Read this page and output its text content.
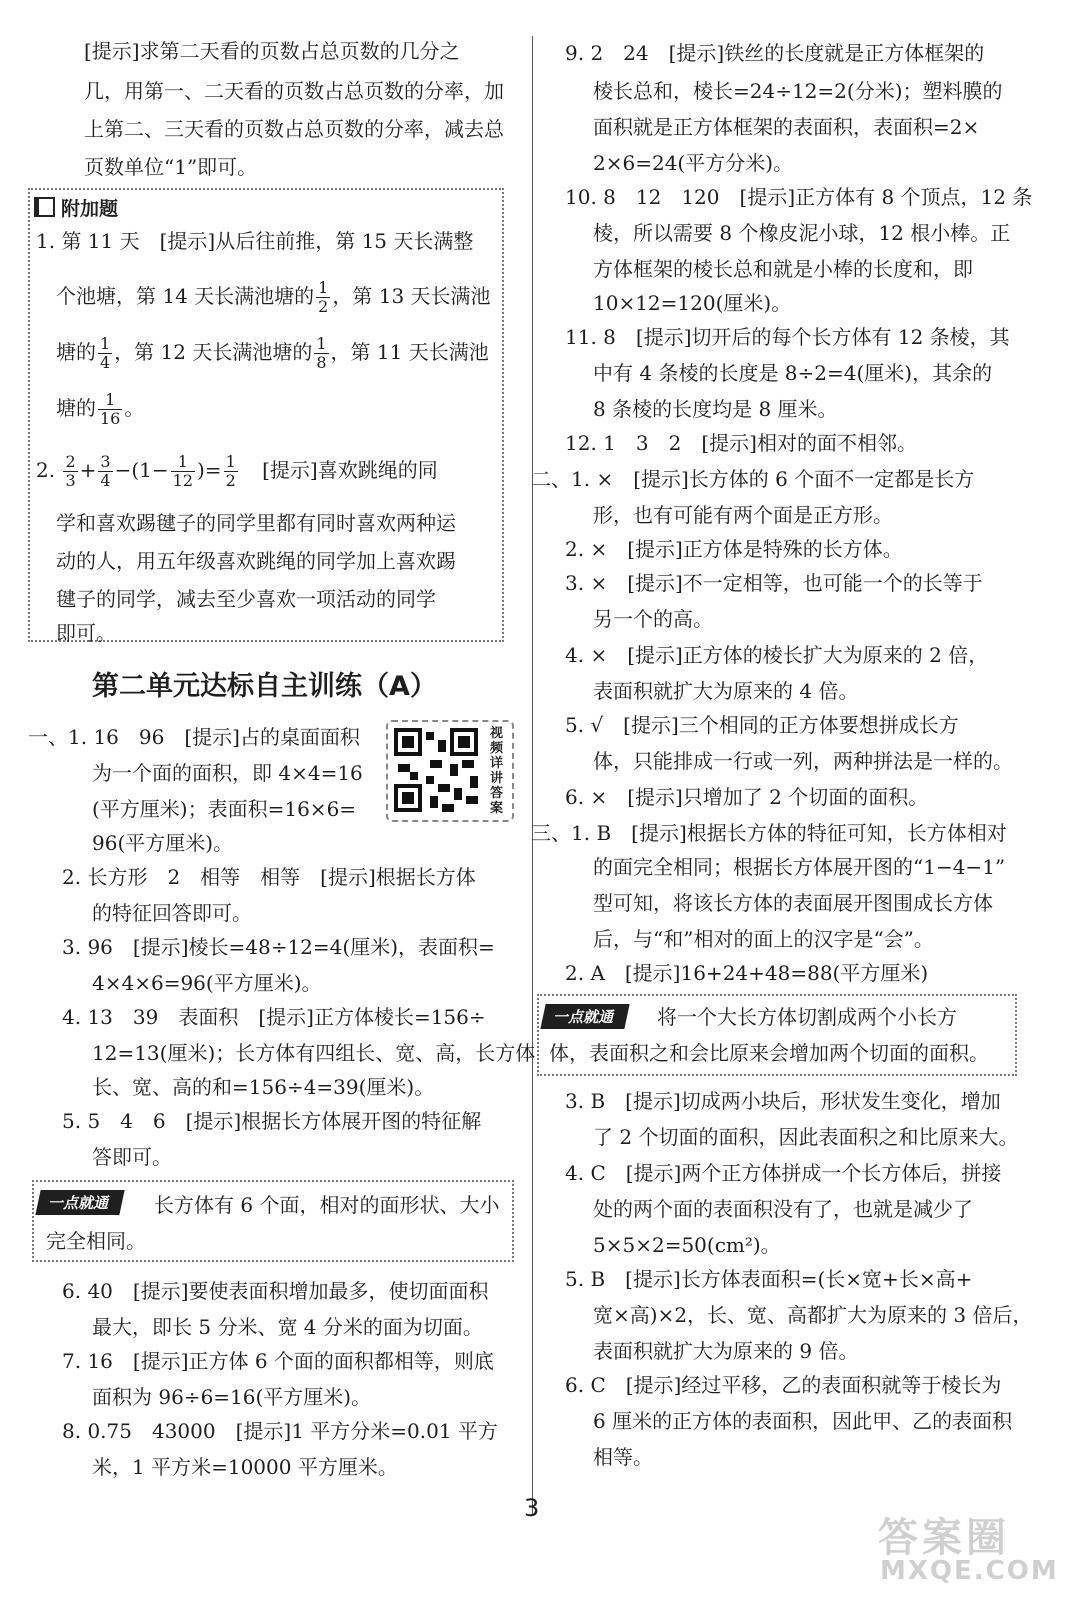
[提示]求第二天看的页数占总页数的几分之
几，用第一、二天看的页数占总页数的分率，加
上第二、三天看的页数占总页数的分率，减去总
页数单位“1”即可。
附加题
1. 第 11 天　[提示]从后往前推，第 15 天长满整
个池塘，第 14 天长满池塘的 $\frac{1}{2}$ ，第 13 天长满池
塘的 $\frac{1}{4}$ ，第 12 天长满池塘的 $\frac{1}{8}$ ，第 11 天长满池
塘的 $\frac{1}{16}$ 。
2. $\frac{2}{3} + \frac{3}{4} -(1- \frac{1}{12}$ )= $\frac{1}{2}$ [提示]喜欢跳绳的同
学和喜欢踢毽子的同学里都有同时喜欢两种运
动的人，用五年级喜欢跳绳的同学加上喜欢踢
毽子的同学，减去至少喜欢一项活动的同学
即可。
第二单元达标自主训练（A）
视频详讲答案
一、1. 16　96　[提示]占的桌面面积
为一个面的面积，即 4×4=16
(平方厘米)；表面积=16×6=
96(平方厘米)。
2. 长方形　2　相等　相等　[提示]根据长方体
的特征回答即可。
3. 96　[提示]棱长=48÷12=4(厘米)，表面积=
4×4×6=96(平方厘米)。
4. 13　39　表面积　[提示]正方体棱长=156÷
12=13(厘米)；长方体有四组长、宽、高，长方体
长、宽、高的和=156÷4=39(厘米)。
5. 5　4　6　[提示]根据长方体展开图的特征解
答即可。
一点就通	长方体有 6 个面，相对的面形状、大小
完全相同。
6. 40　[提示]要使表面积增加最多，使切面面积
最大，即长 5 分米、宽 4 分米的面为切面。
7. 16　[提示]正方体 6 个面的面积都相等，则底
面积为 96÷6=16(平方厘米)。
8. 0.75　43000　[提示]1 平方分米=0.01 平方
米，1 平方米=10000 平方厘米。
9. 2　24　[提示]铁丝的长度就是正方体框架的
棱长总和，棱长=24÷12=2(分米)；塑料膜的
面积就是正方体框架的表面积，表面积=2×
2×6=24(平方分米)。
10. 8　12　120　[提示]正方体有 8 个顶点，12 条
棱，所以需要 8 个橡皮泥小球，12 根小棒。正
方体框架的棱长总和就是小棒的长度和，即
10×12=120(厘米)。
11. 8　[提示]切开后的每个长方体有 12 条棱，其
中有 4 条棱的长度是 8÷2=4(厘米)，其余的
8 条棱的长度均是 8 厘米。
12. 1　3　2　[提示]相对的面不相邻。
二、1. ×　[提示]长方体的 6 个面不一定都是长方
形，也有可能有两个面是正方形。
2. ×　[提示]正方体是特殊的长方体。
3. ×　[提示]不一定相等，也可能一个的长等于
另一个的高。
4. ×　[提示]正方体的棱长扩大为原来的 2 倍，
表面积就扩大为原来的 4 倍。
5. √　[提示]三个相同的正方体要想拼成长方
体，只能排成一行或一列，两种拼法是一样的。
6. ×　[提示]只增加了 2 个切面的面积。
三、1. B　[提示]根据长方体的特征可知，长方体相对
的面完全相同；根据长方体展开图的“1−4−1”
型可知，将该长方体的表面展开图围成长方体
后，与“和”相对的面上的汉字是“会”。
2. A　[提示]16+24+48=88(平方厘米)
一点就通	将一个大长方体切割成两个小长方
体，表面积之和会比原来会增加两个切面的面积。
3. B　[提示]切成两小块后，形状发生变化，增加
了 2 个切面的面积，因此表面积之和比原来大。
4. C　[提示]两个正方体拼成一个长方体后，拼接
处的两个面的表面积没有了，也就是减少了
5×5×2=50(cm²)。
5. B　[提示]长方体表面积=(长×宽+长×高+
宽×高)×2，长、宽、高都扩大为原来的 3 倍后，
表面积就扩大为原来的 9 倍。
6. C　[提示]经过平移，乙的表面积就等于棱长为
6 厘米的正方体的表面积，因此甲、乙的表面积
相等。
3
答案圈
MXQE.COM
